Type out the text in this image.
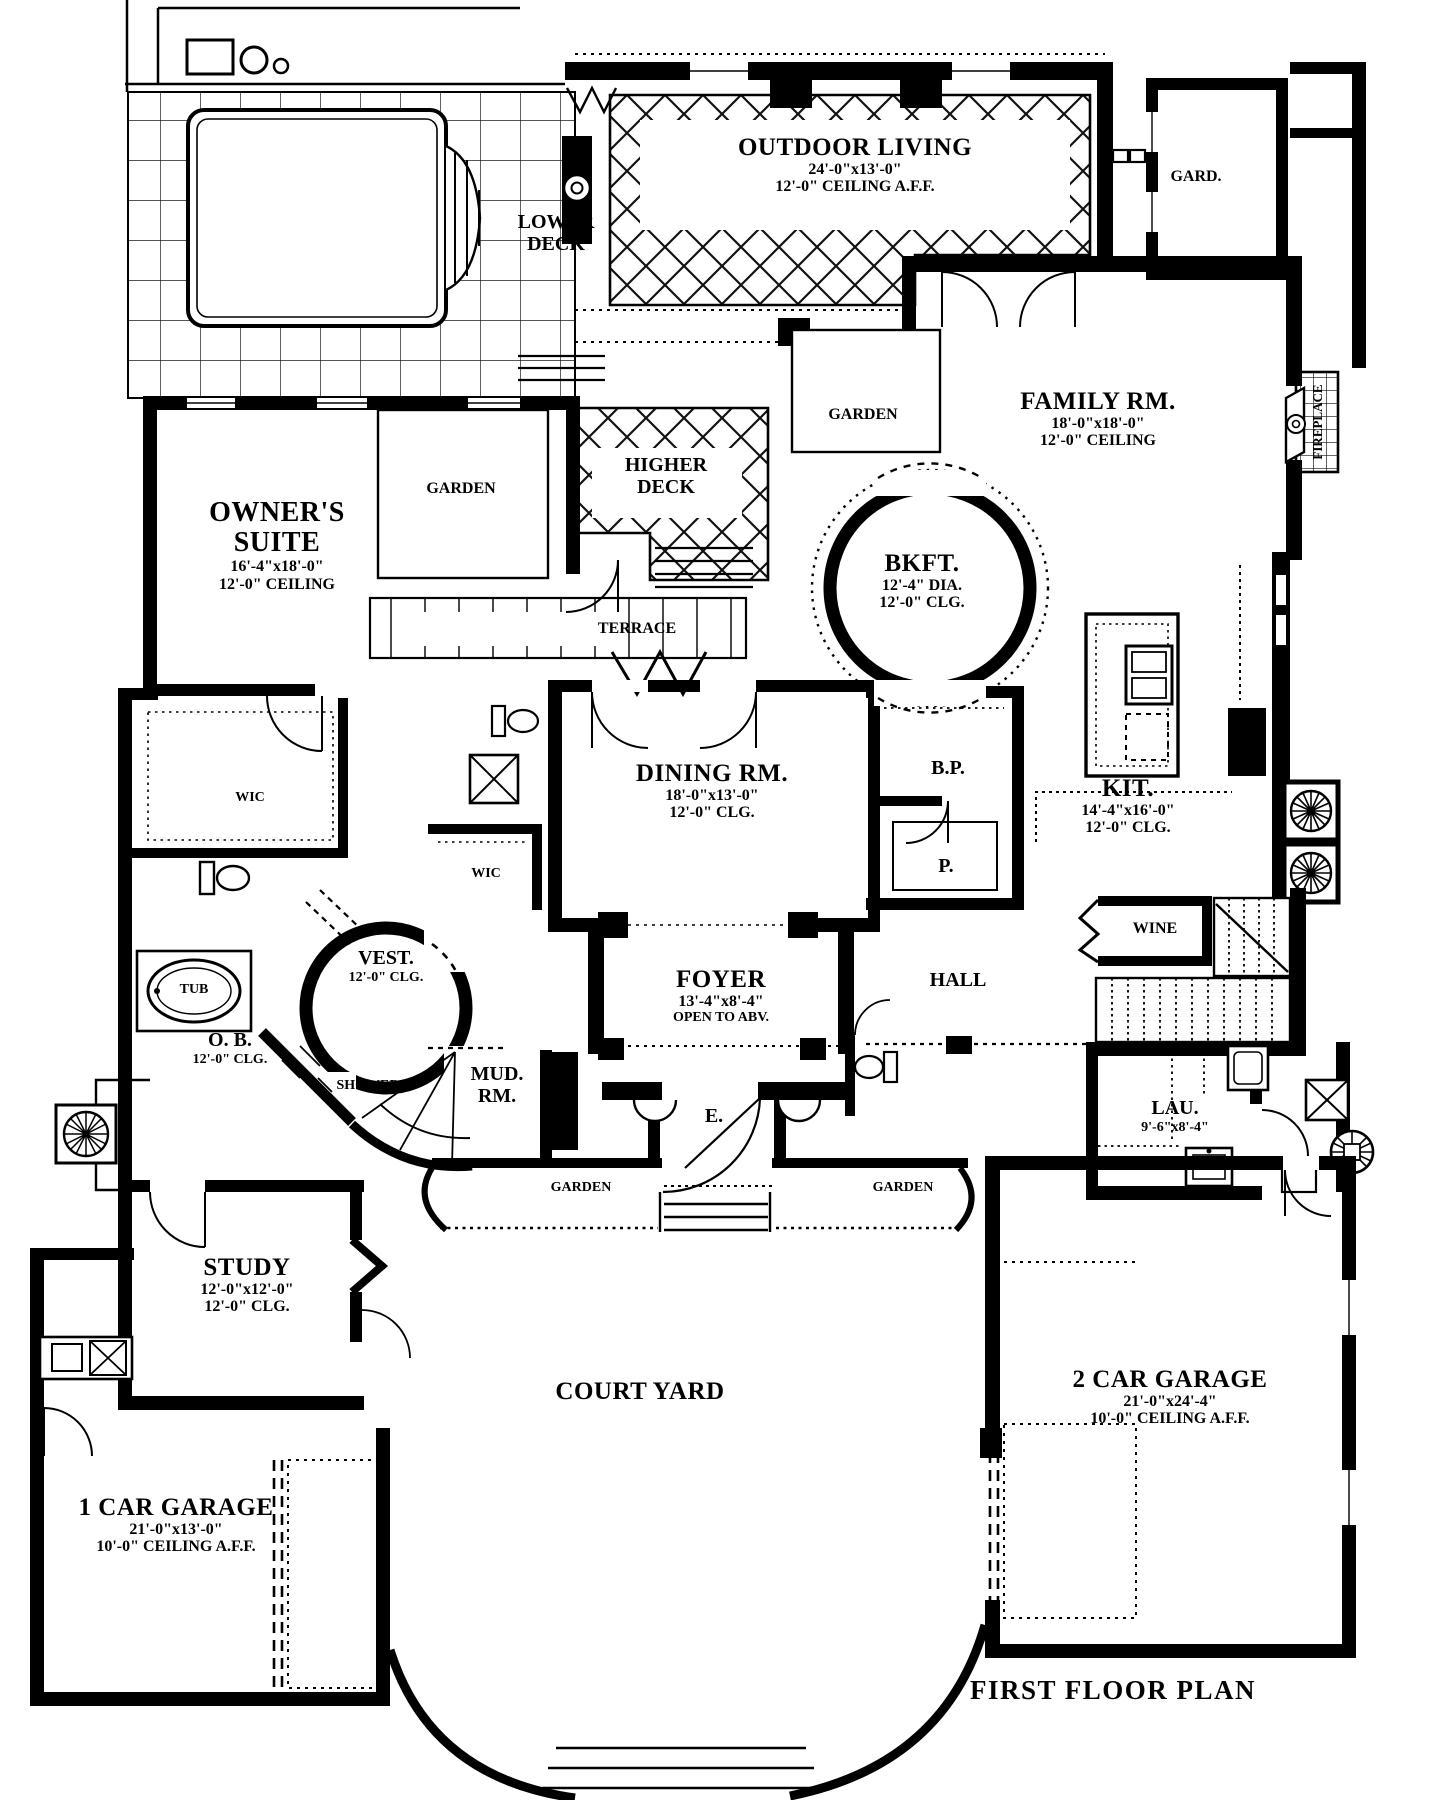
OUTDOOR LIVING
24'-0"x13'-0"
12'-0" CEILING A.F.F.
LOWER
DECK
GARD.
FAMILY RM.
18'-0"x18'-0"
12'-0" CEILING	FIREPLACE
GARDEN
GARDEN
HIGHER
DECK
OWNER'S
SUITE
16'-4"x18'-0"
12'-0" CEILING
BKFT.
12'-4" DIA.
12'-0" CLG.
TERRACE
WIC
WIC
DINING RM.
18'-0"x13'-0"
12'-0" CLG.
B.P.
P.
KIT.
14'-4"x16'-0"
12'-0" CLG.
WINE
VEST.
12'-0" CLG.	FOYER
13'-4"x8'-4"
OPEN TO ABV.
HALL
TUB
O. B.
12'-0" CLG.
SHOWER
MUD.
RM.
E.	LAU.
9'-6"x8'-4"
GARDEN	GARDEN
STUDY
12'-0"x12'-0"
12'-0" CLG.
2 CAR GARAGE
21'-0"x24'-4"
10'-0" CEILING A.F.F.
COURT YARD
1 CAR GARAGE
21'-0"x13'-0"
10'-0" CEILING A.F.F.
FIRST FLOOR PLAN
